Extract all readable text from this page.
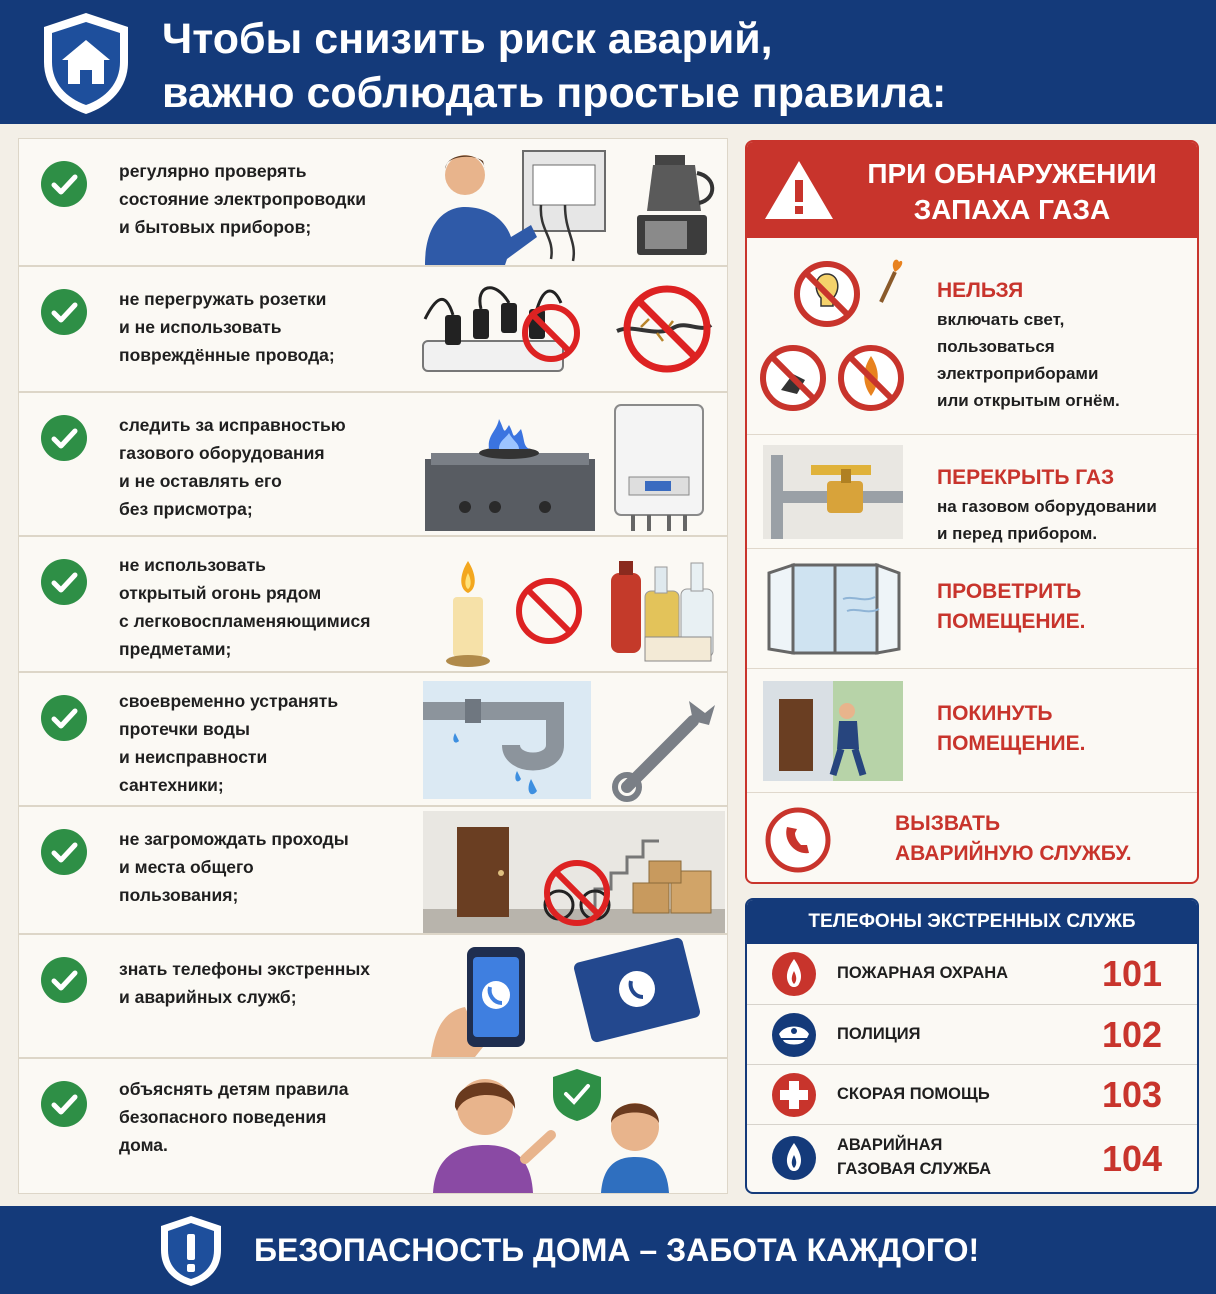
Чтобы снизить риск аварий,
важно соблюдать простые правила:
регулярно проверять
состояние электропроводки
и бытовых приборов;
не перегружать розетки
и не использовать
повреждённые провода;
следить за исправностью
газового оборудования
и не оставлять его
без присмотра;
не использовать
открытый огонь рядом
с легковоспламеняющимися
предметами;
своевременно устранять
протечки воды
и неисправности
сантехники;
не загромождать проходы
и места общего
пользования;
знать телефоны экстренных
и аварийных служб;
объяснять детям правила
безопасного поведения
дома.
ПРИ ОБНАРУЖЕНИИ
ЗАПАХА ГАЗА
НЕЛЬЗЯ
включать свет,
пользоваться
электроприборами
или открытым огнём.
ПЕРЕКРЫТЬ ГАЗ
на газовом оборудовании
и перед прибором.
ПРОВЕТРИТЬ
ПОМЕЩЕНИЕ.
ПОКИНУТЬ
ПОМЕЩЕНИЕ.
ВЫЗВАТЬ
АВАРИЙНУЮ СЛУЖБУ.
ТЕЛЕФОНЫ ЭКСТРЕННЫХ СЛУЖБ
ПОЖАРНАЯ ОХРАНА	101
ПОЛИЦИЯ	102
СКОРАЯ ПОМОЩЬ	103
АВАРИЙНАЯ
ГАЗОВАЯ СЛУЖБА	104
БЕЗОПАСНОСТЬ ДОМА – ЗАБОТА КАЖДОГО!
